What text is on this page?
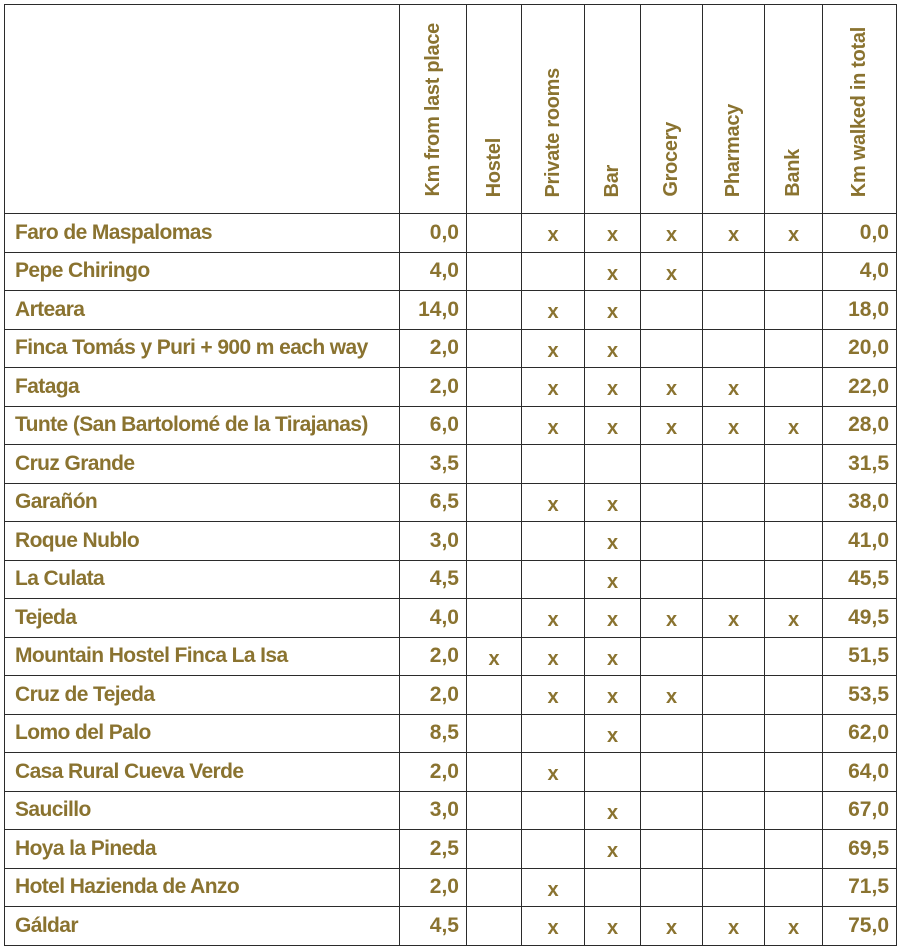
	Km from last place	Hostel	Private rooms	Bar	Grocery	Pharmacy	Bank	Km walked in total
Faro de Maspalomas	0,0		x	x	x	x	x	0,0
Pepe Chiringo	4,0			x	x			4,0
Arteara	14,0		x	x				18,0
Finca Tomás y Puri + 900 m each way	2,0		x	x				20,0
Fataga	2,0		x	x	x	x		22,0
Tunte (San Bartolomé de la Tirajanas)	6,0		x	x	x	x	x	28,0
Cruz Grande	3,5							31,5
Garañón	6,5		x	x				38,0
Roque Nublo	3,0			x				41,0
La Culata	4,5			x				45,5
Tejeda	4,0		x	x	x	x	x	49,5
Mountain Hostel Finca La Isa	2,0	x	x	x				51,5
Cruz de Tejeda	2,0		x	x	x			53,5
Lomo del Palo	8,5			x				62,0
Casa Rural Cueva Verde	2,0		x					64,0
Saucillo	3,0			x				67,0
Hoya la Pineda	2,5			x				69,5
Hotel Hazienda de Anzo	2,0		x					71,5
Gáldar	4,5		x	x	x	x	x	75,0
